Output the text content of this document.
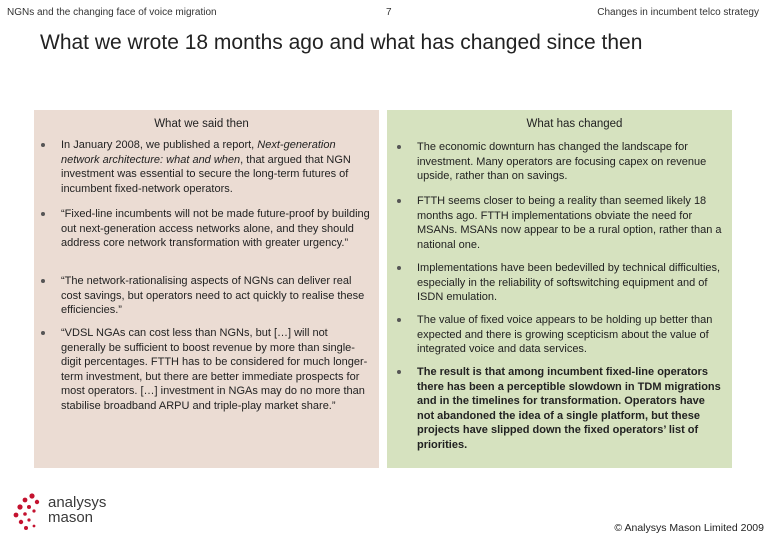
NGNs and the changing face of voice migration	7	Changes in incumbent telco strategy
What we wrote 18 months ago and what has changed since then
What we said then
In January 2008, we published a report, Next-generation network architecture: what and when, that argued that NGN investment was essential to secure the long-term futures of incumbent fixed-network operators.
“Fixed-line incumbents will not be made future-proof by building out next-generation access networks alone, and they should address core network transformation with greater urgency.”
“The network-rationalising aspects of NGNs can deliver real cost savings, but operators need to act quickly to realise these efficiencies.”
“VDSL NGAs can cost less than NGNs, but […] will not generally be sufficient to boost revenue by more than single-digit percentages. FTTH has to be considered for much longer-term investment, but there are better immediate prospects for most operators. […] investment in NGAs may do no more than stabilise broadband ARPU and triple-play market share.”
What has changed
The economic downturn has changed the landscape for investment. Many operators are focusing capex on revenue upside, rather than on savings.
FTTH seems closer to being a reality than seemed likely 18 months ago. FTTH implementations obviate the need for MSANs. MSANs now appear to be a rural option, rather than a national one.
Implementations have been bedevilled by technical difficulties, especially in the reliability of softswitching equipment and of ISDN emulation.
The value of fixed voice appears to be holding up better than expected and there is growing scepticism about the value of integrated voice and data services.
The result is that among incumbent fixed-line operators there has been a perceptible slowdown in TDM migrations and in the timelines for transformation. Operators have not abandoned the idea of a single platform, but these projects have slipped down the fixed operators’ list of priorities.
analysys
mason
© Analysys Mason Limited 2009
